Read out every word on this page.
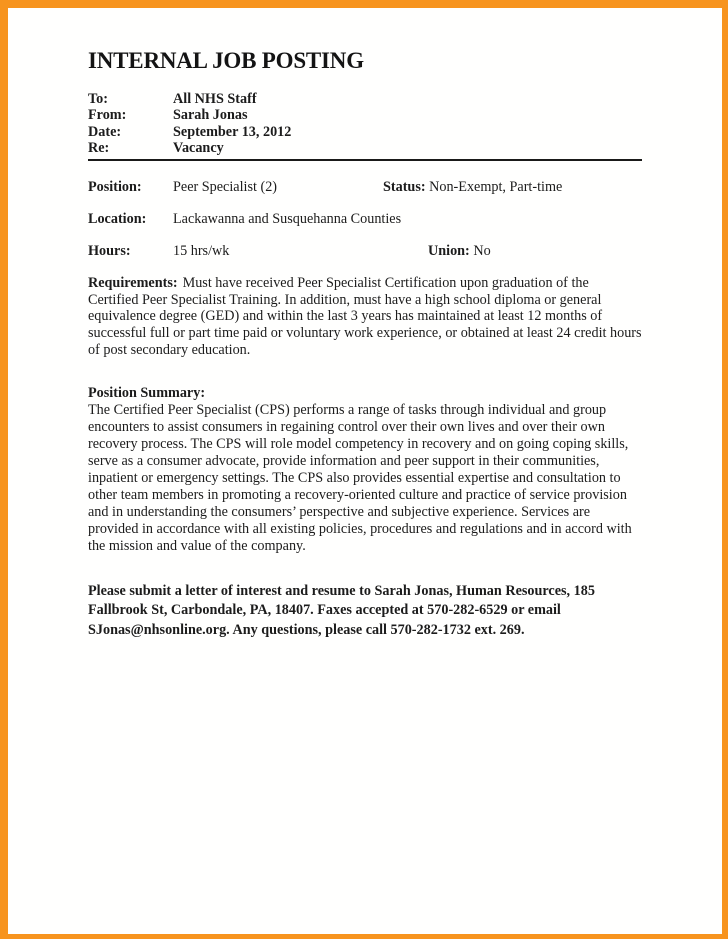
INTERNAL JOB POSTING
To:	All NHS Staff
From:	Sarah Jonas
Date:	September 13, 2012
Re:	Vacancy
Position: Peer Specialist (2)	Status: Non-Exempt, Part-time
Location: Lackawanna and Susquehanna Counties
Hours:	15 hrs/wk	Union: No

Requirements: Must have received Peer Specialist Certification upon graduation of the Certified Peer Specialist Training. In addition, must have a high school diploma or general equivalence degree (GED) and within the last 3 years has maintained at least 12 months of successful full or part time paid or voluntary work experience, or obtained at least 24 credit hours of post secondary education.

Position Summary:
The Certified Peer Specialist (CPS) performs a range of tasks through individual and group encounters to assist consumers in regaining control over their own lives and over their own recovery process. The CPS will role model competency in recovery and on going coping skills, serve as a consumer advocate, provide information and peer support in their communities, inpatient or emergency settings. The CPS also provides essential expertise and consultation to other team members in promoting a recovery-oriented culture and practice of service provision and in understanding the consumers’ perspective and subjective experience. Services are provided in accordance with all existing policies, procedures and regulations and in accord with the mission and value of the company.

Please submit a letter of interest and resume to Sarah Jonas, Human Resources, 185 Fallbrook St, Carbondale, PA, 18407. Faxes accepted at 570-282-6529 or email SJonas@nhsonline.org. Any questions, please call 570-282-1732 ext. 269.
